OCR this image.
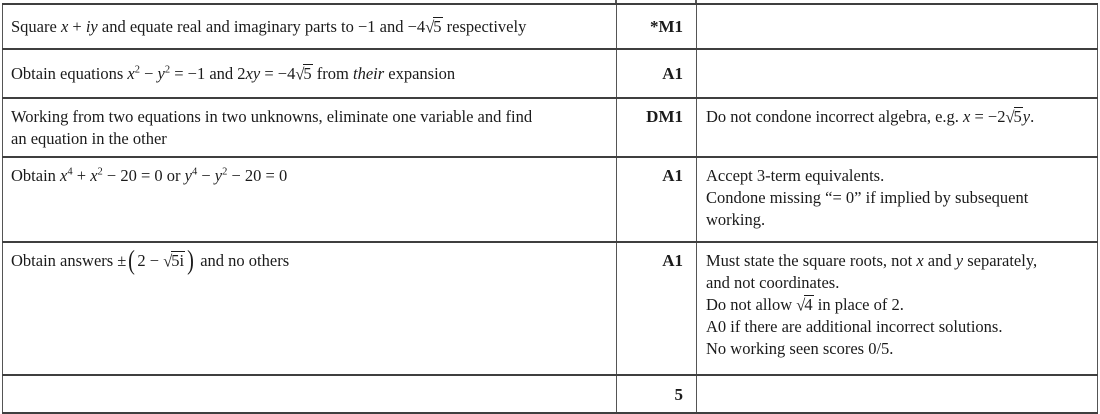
Square x + iy and equate real and imaginary parts to −1 and −4√5 respectively	*M1	

Obtain equations $x^2 - y^2 = -1$ and 2xy = −4√5 from their expansion	A1	

Working from two equations in two unknowns, eliminate one variable and find
an equation in the other	DM1	Do not condone incorrect algebra, e.g. x = −2√5y.

Obtain $x^4 + x^2 - 20 = 0$ or $y^4 - y^2 - 20 = 0$	A1	Accept 3-term equivalents.
Condone missing “= 0” if implied by subsequent
working.

Obtain answers ±( 2 − √5i ) and no others	A1	Must state the square roots, not x and y separately,
and not coordinates.
Do not allow √4 in place of 2.
A0 if there are additional incorrect solutions.
No working seen scores 0/5.

	5	
